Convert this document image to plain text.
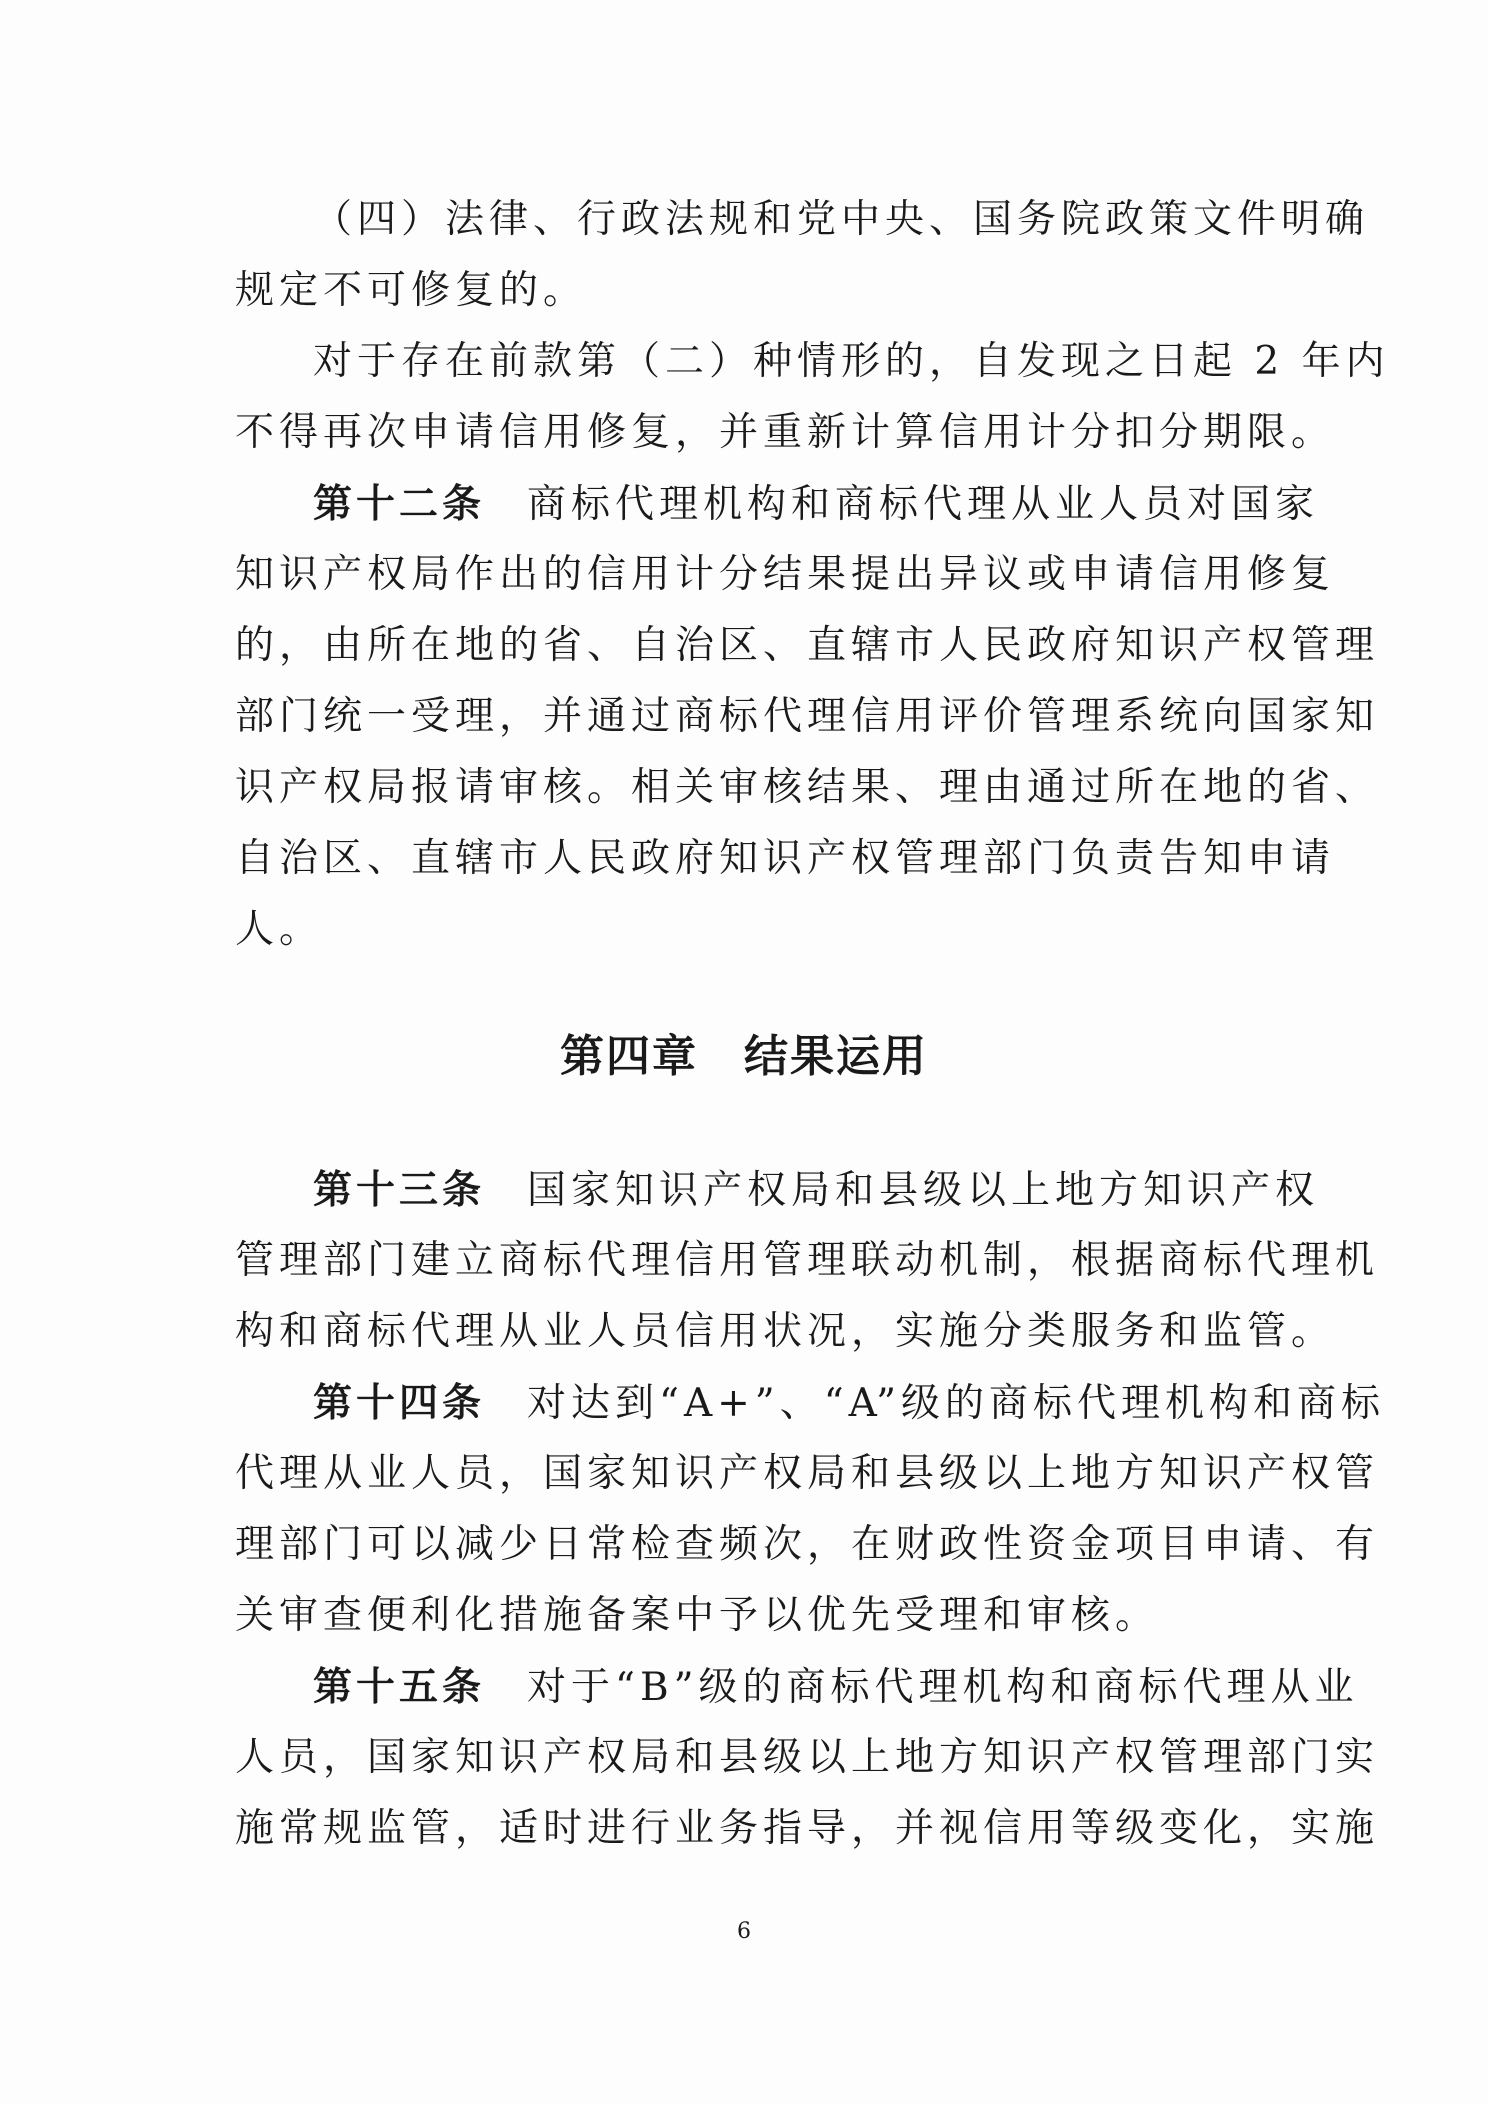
（四）法律、行政法规和党中央、国务院政策文件明确
规定不可修复的。
对于存在前款第（二）种情形的，自发现之日起 2 年内
不得再次申请信用修复，并重新计算信用计分扣分期限。
第十二条 商标代理机构和商标代理从业人员对国家
知识产权局作出的信用计分结果提出异议或申请信用修复
的，由所在地的省、自治区、直辖市人民政府知识产权管理
部门统一受理，并通过商标代理信用评价管理系统向国家知
识产权局报请审核。相关审核结果、理由通过所在地的省、
自治区、直辖市人民政府知识产权管理部门负责告知申请
人。
第四章　结果运用
第十三条 国家知识产权局和县级以上地方知识产权
管理部门建立商标代理信用管理联动机制，根据商标代理机
构和商标代理从业人员信用状况，实施分类服务和监管。
第十四条 对达到“A+”、“A”级的商标代理机构和商标
代理从业人员，国家知识产权局和县级以上地方知识产权管
理部门可以减少日常检查频次，在财政性资金项目申请、有
关审查便利化措施备案中予以优先受理和审核。
第十五条 对于“B”级的商标代理机构和商标代理从业
人员，国家知识产权局和县级以上地方知识产权管理部门实
施常规监管，适时进行业务指导，并视信用等级变化，实施
6
